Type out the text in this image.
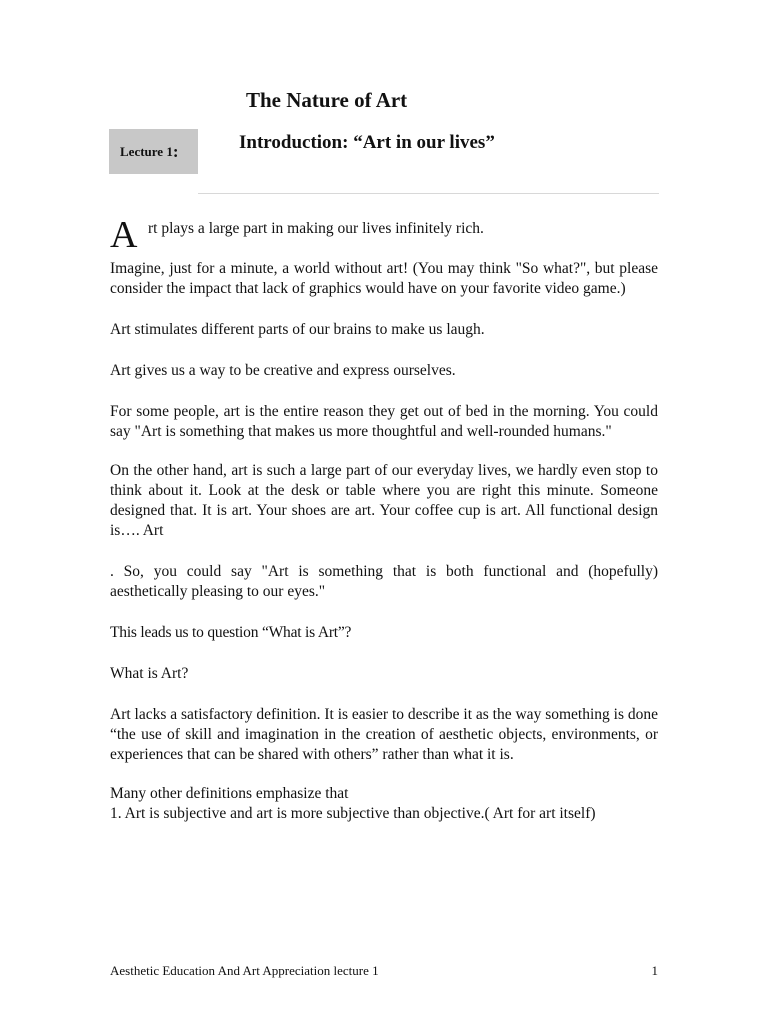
The Nature of Art
Lecture 1 :	Introduction: “Art in our lives”
A rt plays a large part in making our lives infinitely rich.

Imagine, just for a minute, a world without art! (You may think "So what?", but please consider the impact that lack of graphics would have on your favorite video game.)

Art stimulates different parts of our brains to make us laugh.

Art gives us a way to be creative and express ourselves.

For some people, art is the entire reason they get out of bed in the morning. You could say "Art is something that makes us more thoughtful and well-rounded humans."

On the other hand, art is such a large part of our everyday lives, we hardly even stop to think about it. Look at the desk or table where you are right this minute. Someone designed that. It is art. Your shoes are art. Your coffee cup is art. All functional design is…. Art

. So, you could say "Art is something that is both functional and (hopefully) aesthetically pleasing to our eyes."

This leads us to question “What is Art”?

What is Art?

Art lacks a satisfactory definition. It is easier to describe it as the way something is done “the use of skill and imagination in the creation of aesthetic objects, environments, or experiences that can be shared with others” rather than what it is.

Many other definitions emphasize that

1. Art is subjective and art is more subjective than objective.( Art for art itself)

Aesthetic Education And Art Appreciation lecture 1	1
